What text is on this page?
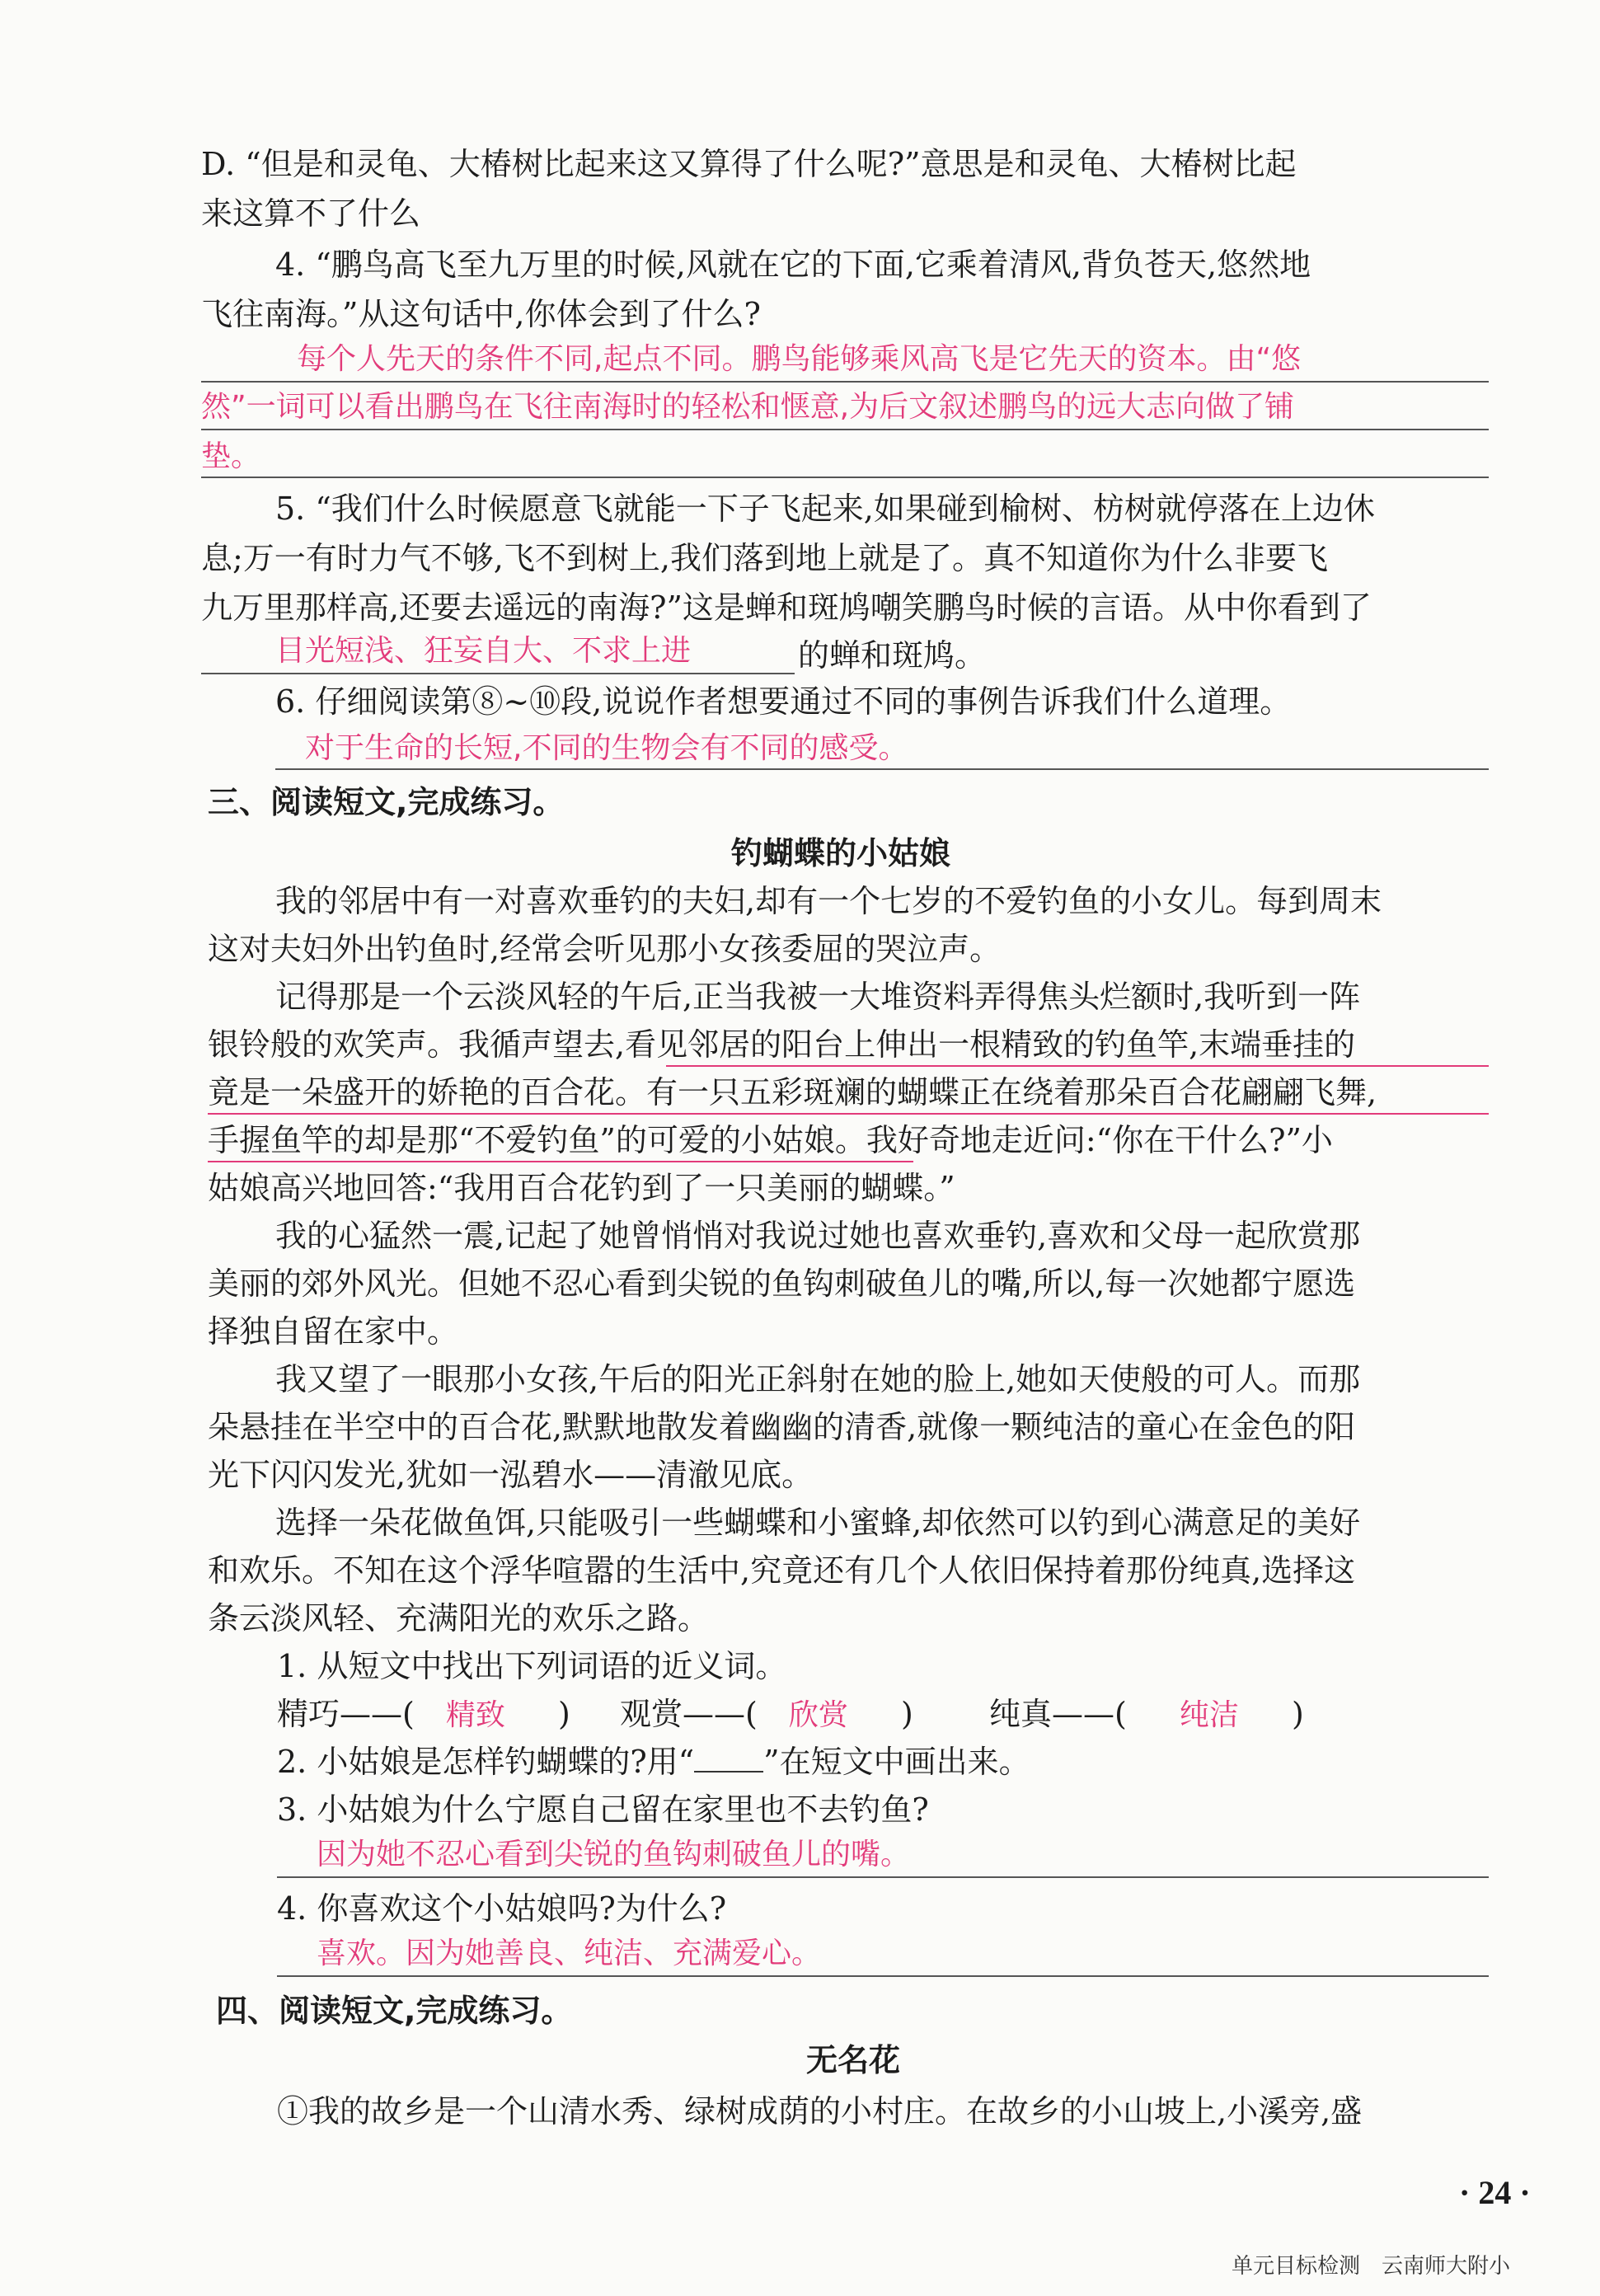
D. “但是和灵龟、大椿树比起来这又算得了什么呢?”意思是和灵龟、大椿树比起
来这算不了什么
4. “鹏鸟高飞至九万里的时候,风就在它的下面,它乘着清风,背负苍天,悠然地
飞往南海。”从这句话中,你体会到了什么?
每个人先天的条件不同,起点不同。鹏鸟能够乘风高飞是它先天的资本。由“悠
然”一词可以看出鹏鸟在飞往南海时的轻松和惬意,为后文叙述鹏鸟的远大志向做了铺
垫。
5. “我们什么时候愿意飞就能一下子飞起来,如果碰到榆树、枋树就停落在上边休
息;万一有时力气不够,飞不到树上,我们落到地上就是了。真不知道你为什么非要飞
九万里那样高,还要去遥远的南海?”这是蝉和斑鸠嘲笑鹏鸟时候的言语。从中你看到了
目光短浅、狂妄自大、不求上进	的蝉和斑鸠。
6. 仔细阅读第⑧~⑩段,说说作者想要通过不同的事例告诉我们什么道理。
对于生命的长短,不同的生物会有不同的感受。
三、阅读短文,完成练习。
钓蝴蝶的小姑娘
我的邻居中有一对喜欢垂钓的夫妇,却有一个七岁的不爱钓鱼的小女儿。每到周末
这对夫妇外出钓鱼时,经常会听见那小女孩委屈的哭泣声。
记得那是一个云淡风轻的午后,正当我被一大堆资料弄得焦头烂额时,我听到一阵
银铃般的欢笑声。我循声望去,看见邻居的阳台上伸出一根精致的钓鱼竿,末端垂挂的
竟是一朵盛开的娇艳的百合花。有一只五彩斑斓的蝴蝶正在绕着那朵百合花翩翩飞舞,
手握鱼竿的却是那“不爱钓鱼”的可爱的小姑娘。我好奇地走近问:“你在干什么?”小
姑娘高兴地回答:“我用百合花钓到了一只美丽的蝴蝶。”
我的心猛然一震,记起了她曾悄悄对我说过她也喜欢垂钓,喜欢和父母一起欣赏那
美丽的郊外风光。但她不忍心看到尖锐的鱼钩刺破鱼儿的嘴,所以,每一次她都宁愿选
择独自留在家中。
我又望了一眼那小女孩,午后的阳光正斜射在她的脸上,她如天使般的可人。而那
朵悬挂在半空中的百合花,默默地散发着幽幽的清香,就像一颗纯洁的童心在金色的阳
光下闪闪发光,犹如一泓碧水——清澈见底。
选择一朵花做鱼饵,只能吸引一些蝴蝶和小蜜蜂,却依然可以钓到心满意足的美好
和欢乐。不知在这个浮华喧嚣的生活中,究竟还有几个人依旧保持着那份纯真,选择这
条云淡风轻、充满阳光的欢乐之路。
1. 从短文中找出下列词语的近义词。
精巧——( 精致 ) 观赏——( 欣赏 ) 纯真——( 纯洁 )
2. 小姑娘是怎样钓蝴蝶的?用“ ”在短文中画出来。
3. 小姑娘为什么宁愿自己留在家里也不去钓鱼?
因为她不忍心看到尖锐的鱼钩刺破鱼儿的嘴。
4. 你喜欢这个小姑娘吗?为什么?
喜欢。因为她善良、纯洁、充满爱心。
四、阅读短文,完成练习。
无名花
①我的故乡是一个山清水秀、绿树成荫的小村庄。在故乡的小山坡上,小溪旁,盛
· 24 ·
单元目标检测　云南师大附小
